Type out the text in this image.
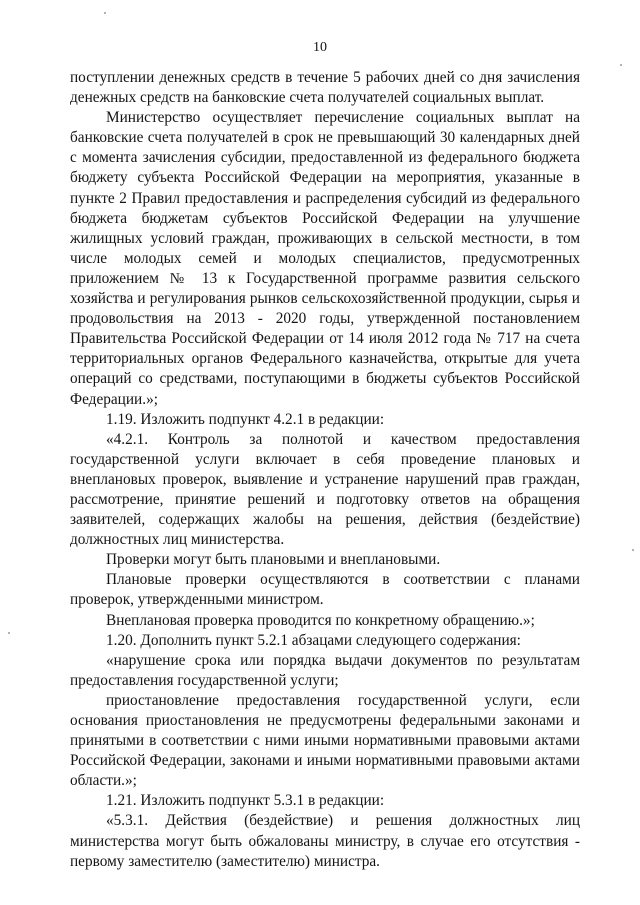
10

поступлении денежных средств в течение 5 рабочих дней со дня зачисления денежных средств на банковские счета получателей социальных выплат.

Министерство осуществляет перечисление социальных выплат на банковские счета получателей в срок не превышающий 30 календарных дней с момента зачисления субсидии, предоставленной из федерального бюджета бюджету субъекта Российской Федерации на мероприятия, указанные в пункте 2 Правил предоставления и распределения субсидий из федерального бюджета бюджетам субъектов Российской Федерации на улучшение жилищных условий граждан, проживающих в сельской местности, в том числе молодых семей и молодых специалистов, предусмотренных приложением № 13 к Государственной программе развития сельского хозяйства и регулирования рынков сельскохозяйственной продукции, сырья и продовольствия на 2013 - 2020 годы, утвержденной постановлением Правительства Российской Федерации от 14 июля 2012 года № 717 на счета территориальных органов Федерального казначейства, открытые для учета операций со средствами, поступающими в бюджеты субъектов Российской Федерации.»;

1.19. Изложить подпункт 4.2.1 в редакции:

«4.2.1. Контроль за полнотой и качеством предоставления государственной услуги включает в себя проведение плановых и внеплановых проверок, выявление и устранение нарушений прав граждан, рассмотрение, принятие решений и подготовку ответов на обращения заявителей, содержащих жалобы на решения, действия (бездействие) должностных лиц министерства.

Проверки могут быть плановыми и внеплановыми.

Плановые проверки осуществляются в соответствии с планами проверок, утвержденными министром.

Внеплановая проверка проводится по конкретному обращению.»;

1.20. Дополнить пункт 5.2.1 абзацами следующего содержания:

«нарушение срока или порядка выдачи документов по результатам предоставления государственной услуги;

приостановление предоставления государственной услуги, если основания приостановления не предусмотрены федеральными законами и принятыми в соответствии с ними иными нормативными правовыми актами Российской Федерации, законами и иными нормативными правовыми актами области.»;

1.21. Изложить подпункт 5.3.1 в редакции:

«5.3.1. Действия (бездействие) и решения должностных лиц министерства могут быть обжалованы министру, в случае его отсутствия - первому заместителю (заместителю) министра.
